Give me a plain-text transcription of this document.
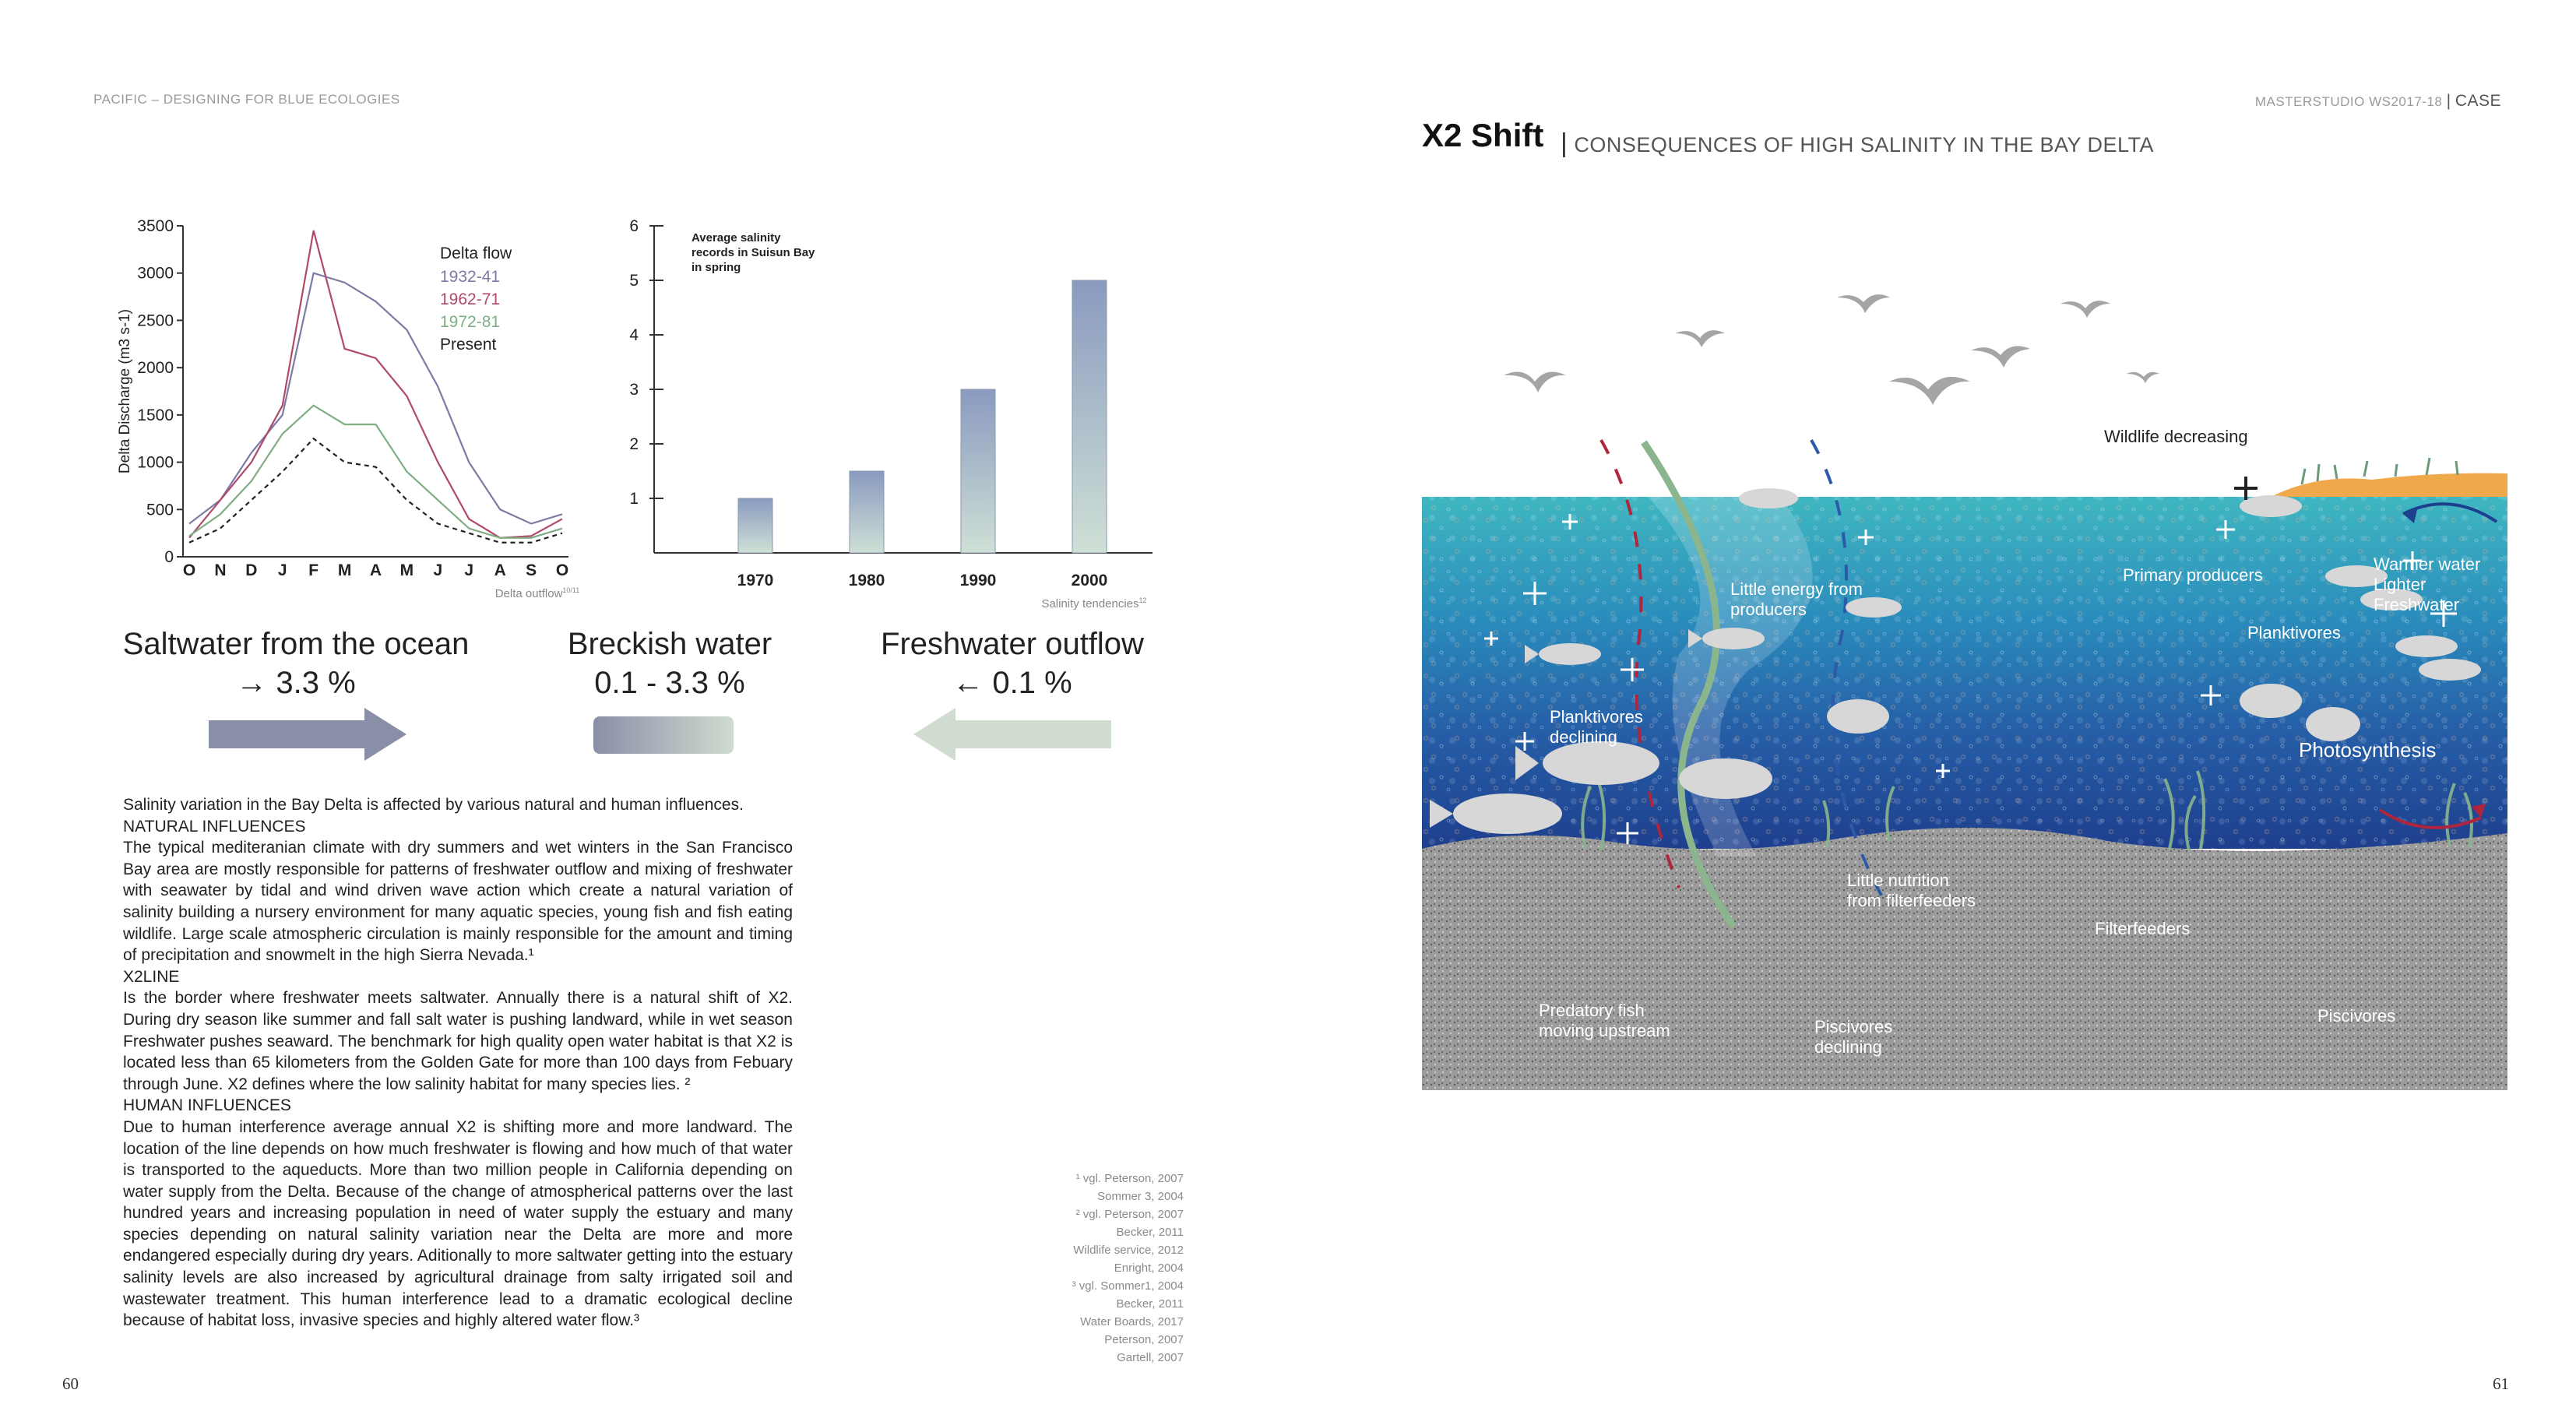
PACIFIC – DESIGNING FOR BLUE ECOLOGIES	MASTERSTUDIO WS2017-18 | CASE
X2 Shift | CONSEQUENCES OF HIGH SALINITY IN THE BAY DELTA
0
500
1000
1500
2000
2500
3000
3500
O N D J F M A M J J A S O
Delta Discharge (m3 s-1)
Delta outflow$^{10/11}$
Delta flow
1932-41
1962-71
1972-81
Present
1
2
3
4
5
6
Average salinity records in Suisun Bay in spring
1970	1980	1990	2000
Salinity tendencies$^{12}$
Saltwater from the ocean
→ 3.3 %
Breckish water
0.1 - 3.3 %
Freshwater outflow
← 0.1 %

Salinity variation in the Bay Delta is affected by various natural and human influences.

NATURAL INFLUENCES

The typical mediteranian climate with dry summers and wet winters in the San Francisco Bay area are mostly responsible for patterns of freshwater outflow and mixing of freshwater with seawater by tidal and wind driven wave action which create a natural variation of salinity building a nursery environment for many aquatic species, young fish and fish eating wildlife. Large scale atmospheric circulation is mainly responsible for the amount and timing of precipitation and snowmelt in the high Sierra Nevada.¹

X2LINE

Is the border where freshwater meets saltwater. Annually there is a natural shift of X2. During dry season like summer and fall salt water is pushing landward, while in wet season Freshwater pushes seaward. The benchmark for high quality open water habitat is that X2 is located less than 65 kilometers from the Golden Gate for more than 100 days from Febuary through June. X2 defines where the low salinity habitat for many species lies. ²

HUMAN INFLUENCES

Due to human interference average annual X2 is shifting more and more landward. The location of the line depends on how much freshwater is flowing and how much of that water is transported to the aqueducts. More than two million people in California depending on water supply from the Delta. Because of the change of atmospherical patterns over the last hundred years and increasing population in need of water supply the estuary and many species depending on natural salinity variation near the Delta are more and more endangered especially during dry years. Aditionally to more saltwater getting into the estuary salinity levels are also increased by agricultural drainage from salty irrigated soil and wastewater treatment. This human interference lead to a dramatic ecological decline because of habitat loss, invasive species and highly altered water flow.³

¹ vgl. Peterson, 2007
Sommer 3, 2004
² vgl. Peterson, 2007
Becker, 2011
Wildlife service, 2012
Enright, 2004
³ vgl. Sommer1, 2004
Becker, 2011
Water Boards, 2017
Peterson, 2007
Gartell, 2007
60	61
Wildlife decreasing
Little energy from producers
Primary producers
Warmer water Lighter Freshwater
Planktivores
Planktivores declining
Photosynthesis
Little nutrition from filterfeeders
Filterfeeders
Predatory fish moving upstream	Piscivores declining
Piscivores
Cooler water Heavier salt water
Freshwater plants dying
